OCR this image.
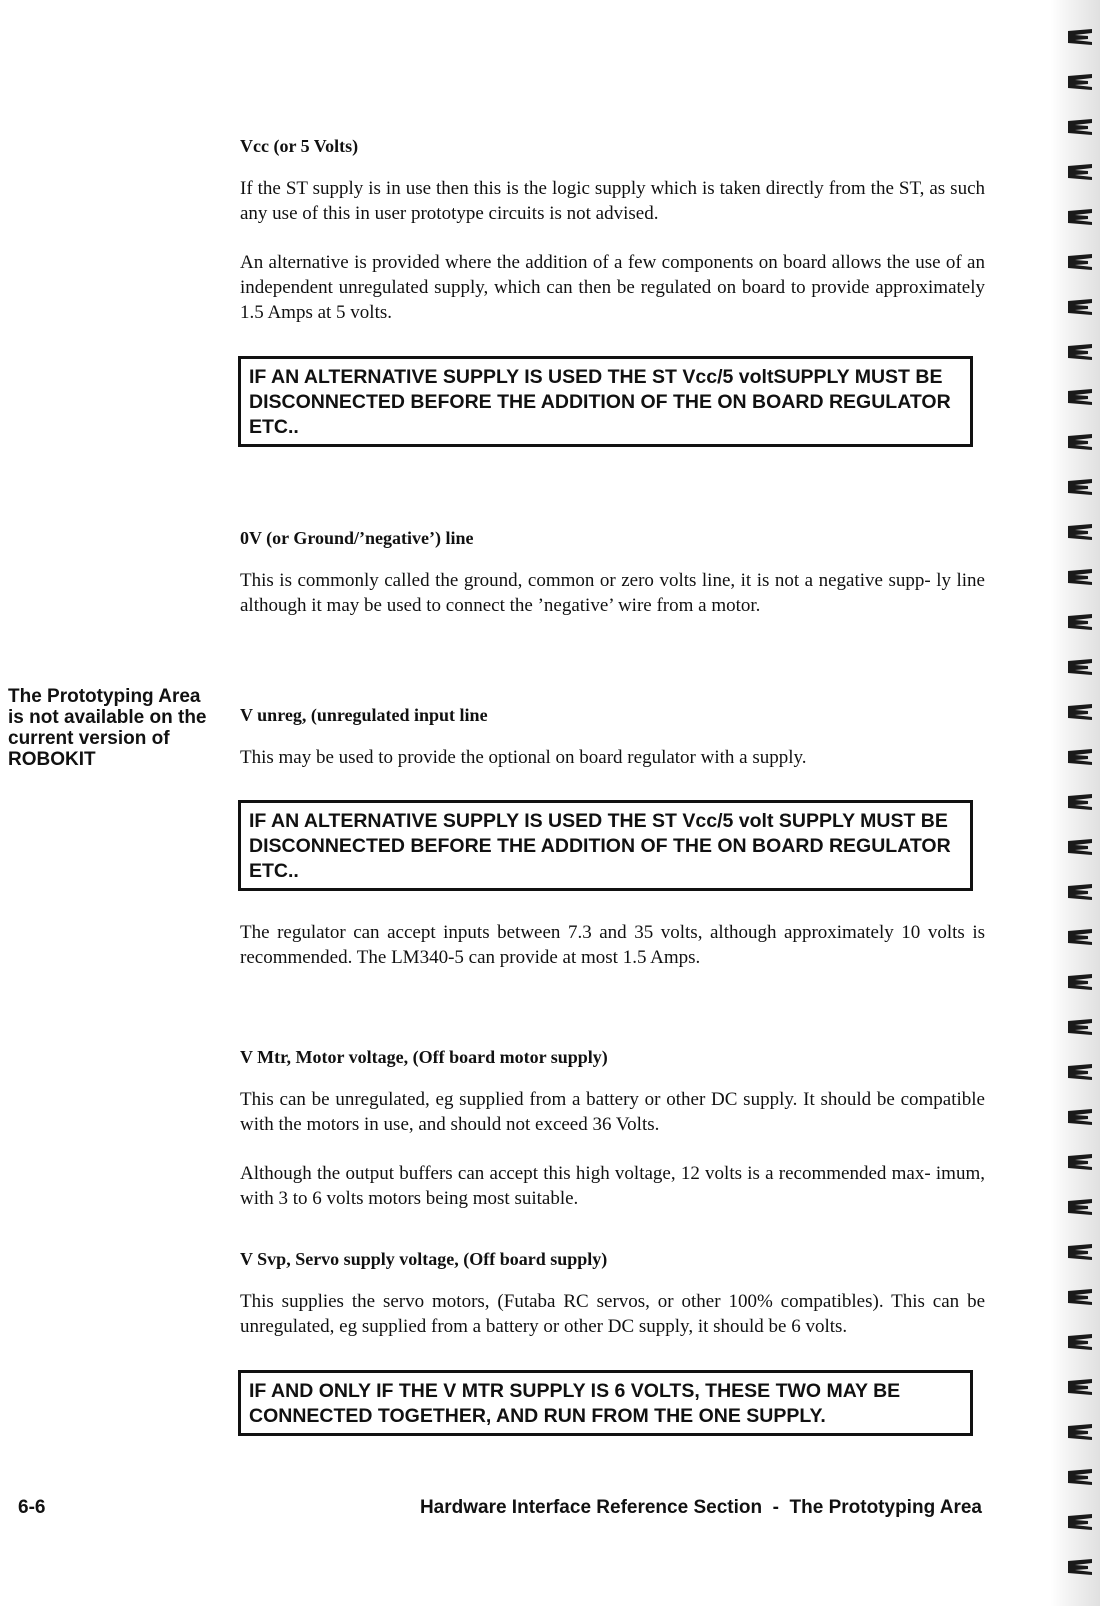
Vcc (or 5 Volts)

If the ST supply is in use then this is the logic supply which is taken directly from the ST, as such any use of this in user prototype circuits is not advised.

An alternative is provided where the addition of a few components on board allows the use of an independent unregulated supply, which can then be regulated on board to provide approximately 1.5 Amps at 5 volts.

IF AN ALTERNATIVE SUPPLY IS USED THE ST Vcc/5 voltSUPPLY MUST BE DISCONNECTED BEFORE THE ADDITION OF THE ON BOARD REGULATOR ETC..

0V (or Ground/’negative’) line

This is commonly called the ground, common or zero volts line, it is not a negative supp- ly line although it may be used to connect the ’negative’ wire from a motor.

The Prototyping Area is not available on the current version of ROBOKIT

V unreg, (unregulated input line

This may be used to provide the optional on board regulator with a supply.

IF AN ALTERNATIVE SUPPLY IS USED THE ST Vcc/5 volt SUPPLY MUST BE DISCONNECTED BEFORE THE ADDITION OF THE ON BOARD REGULATOR ETC..

The regulator can accept inputs between 7.3 and 35 volts, although approximately 10 volts is recommended. The LM340-5 can provide at most 1.5 Amps.

V Mtr, Motor voltage, (Off board motor supply)

This can be unregulated, eg supplied from a battery or other DC supply. It should be compatible with the motors in use, and should not exceed 36 Volts.

Although the output buffers can accept this high voltage, 12 volts is a recommended max- imum, with 3 to 6 volts motors being most suitable.

V Svp, Servo supply voltage, (Off board supply)

This supplies the servo motors, (Futaba RC servos, or other 100% compatibles). This can be unregulated, eg supplied from a battery or other DC supply, it should be 6 volts.

IF AND ONLY IF THE V MTR SUPPLY IS 6 VOLTS, THESE TWO MAY BE CONNECTED TOGETHER, AND RUN FROM THE ONE SUPPLY.
6-6	Hardware Interface Reference Section  -  The Prototyping Area
